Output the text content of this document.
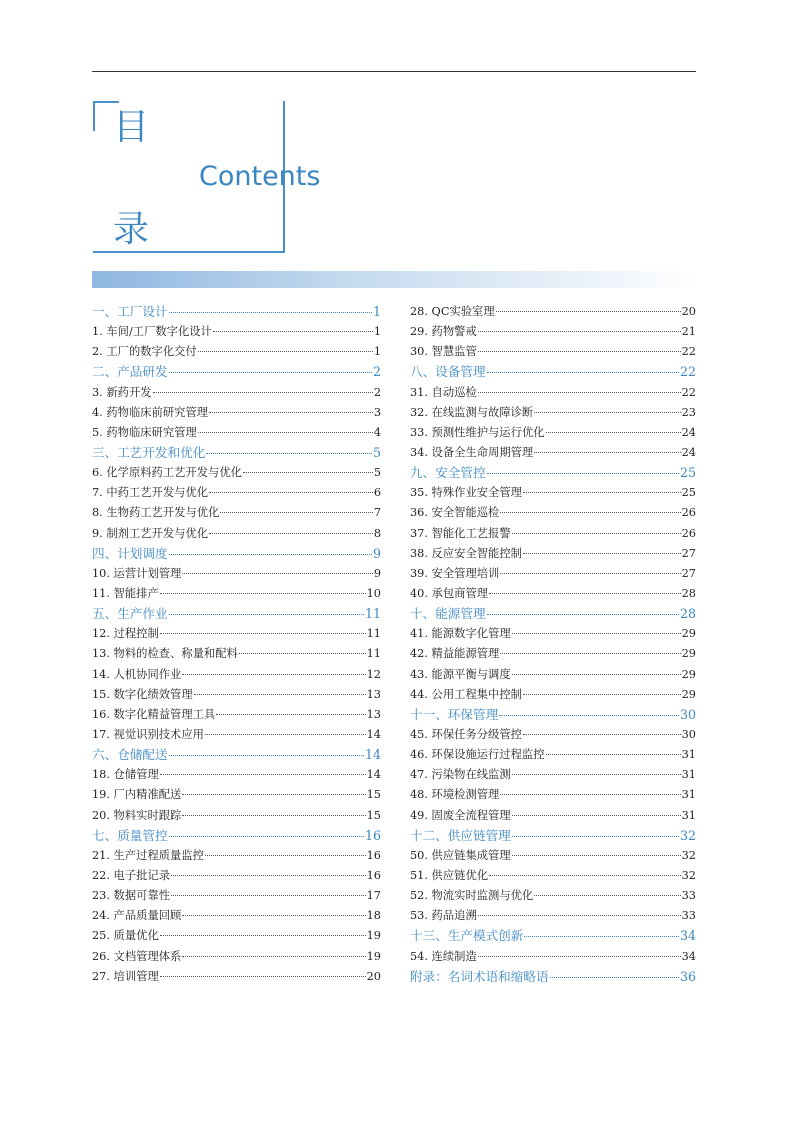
目
Contents
录
一、工厂设计	1
1. 车间/工厂数字化设计	1
2. 工厂的数字化交付	1
二、产品研发	2
3. 新药开发	2
4. 药物临床前研究管理	3
5. 药物临床研究管理	4
三、工艺开发和优化	5
6. 化学原料药工艺开发与优化	5
7. 中药工艺开发与优化	6
8. 生物药工艺开发与优化	7
9. 制剂工艺开发与优化	8
四、计划调度	9
10. 运营计划管理	9
11. 智能排产	10
五、生产作业	11
12. 过程控制	11
13. 物料的检查、称量和配料	11
14. 人机协同作业	12
15. 数字化绩效管理	13
16. 数字化精益管理工具	13
17. 视觉识别技术应用	14
六、仓储配送	14
18. 仓储管理	14
19. 厂内精准配送	15
20. 物料实时跟踪	15
七、质量管控	16
21. 生产过程质量监控	16
22. 电子批记录	16
23. 数据可靠性	17
24. 产品质量回顾	18
25. 质量优化	19
26. 文档管理体系	19
27. 培训管理	20
28. QC实验室理	20
29. 药物警戒	21
30. 智慧监管	22
八、设备管理	22
31. 自动巡检	22
32. 在线监测与故障诊断	23
33. 预测性维护与运行优化	24
34. 设备全生命周期管理	24
九、安全管控	25
35. 特殊作业安全管理	25
36. 安全智能巡检	26
37. 智能化工艺报警	26
38. 反应安全智能控制	27
39. 安全管理培训	27
40. 承包商管理	28
十、能源管理	28
41. 能源数字化管理	29
42. 精益能源管理	29
43. 能源平衡与调度	29
44. 公用工程集中控制	29
十一、环保管理	30
45. 环保任务分级管控	30
46. 环保设施运行过程监控	31
47. 污染物在线监测	31
48. 环境检测管理	31
49. 固废全流程管理	31
十二、供应链管理	32
50. 供应链集成管理	32
51. 供应链优化	32
52. 物流实时监测与优化	33
53. 药品追溯	33
十三、生产模式创新	34
54. 连续制造	34
附录：名词术语和缩略语	36
